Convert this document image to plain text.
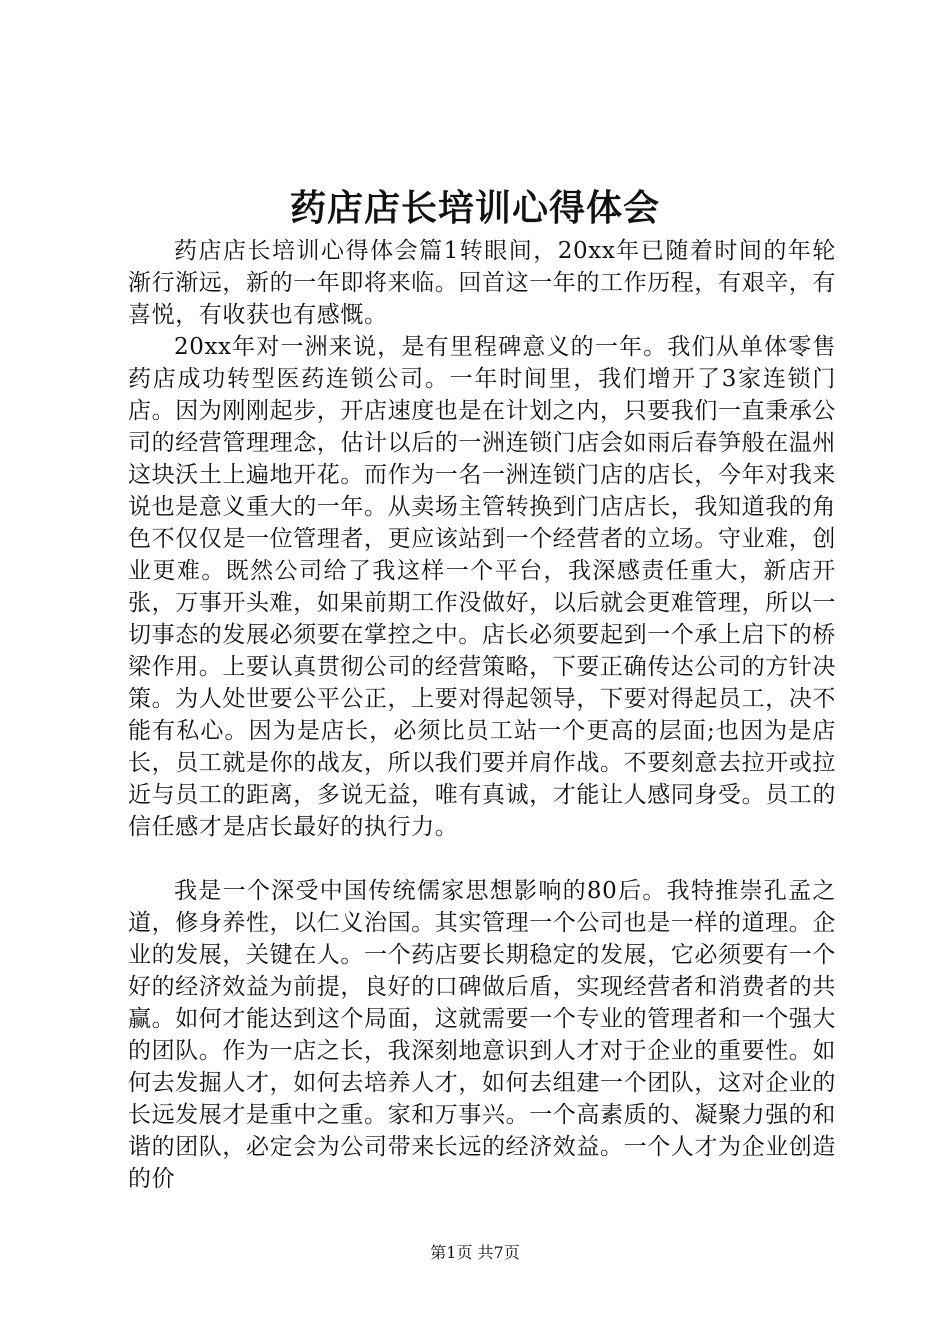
药店店长培训心得体会

药店店长培训心得体会篇1转眼间，20xx年已随着时间的年轮渐行渐远，新的一年即将来临。回首这一年的工作历程，有艰辛，有喜悦，有收获也有感慨。

20xx年对一洲来说，是有里程碑意义的一年。我们从单体零售药店成功转型医药连锁公司。一年时间里，我们增开了3家连锁门店。因为刚刚起步，开店速度也是在计划之内，只要我们一直秉承公司的经营管理理念，估计以后的一洲连锁门店会如雨后春笋般在温州这块沃土上遍地开花。而作为一名一洲连锁门店的店长，今年对我来说也是意义重大的一年。从卖场主管转换到门店店长，我知道我的角色不仅仅是一位管理者，更应该站到一个经营者的立场。守业难，创业更难。既然公司给了我这样一个平台，我深感责任重大，新店开张，万事开头难，如果前期工作没做好，以后就会更难管理，所以一切事态的发展必须要在掌控之中。店长必须要起到一个承上启下的桥梁作用。上要认真贯彻公司的经营策略，下要正确传达公司的方针决策。为人处世要公平公正，上要对得起领导，下要对得起员工，决不能有私心。因为是店长，必须比员工站一个更高的层面;也因为是店长，员工就是你的战友，所以我们要并肩作战。不要刻意去拉开或拉近与员工的距离，多说无益，唯有真诚，才能让人感同身受。员工的信任感才是店长最好的执行力。

我是一个深受中国传统儒家思想影响的80后。我特推崇孔孟之道，修身养性，以仁义治国。其实管理一个公司也是一样的道理。企业的发展，关键在人。一个药店要长期稳定的发展，它必须要有一个好的经济效益为前提，良好的口碑做后盾，实现经营者和消费者的共赢。如何才能达到这个局面，这就需要一个专业的管理者和一个强大的团队。作为一店之长，我深刻地意识到人才对于企业的重要性。如何去发掘人才，如何去培养人才，如何去组建一个团队，这对企业的长远发展才是重中之重。家和万事兴。一个高素质的、凝聚力强的和谐的团队，必定会为公司带来长远的经济效益。一个人才为企业创造的价

第1页 共7页
